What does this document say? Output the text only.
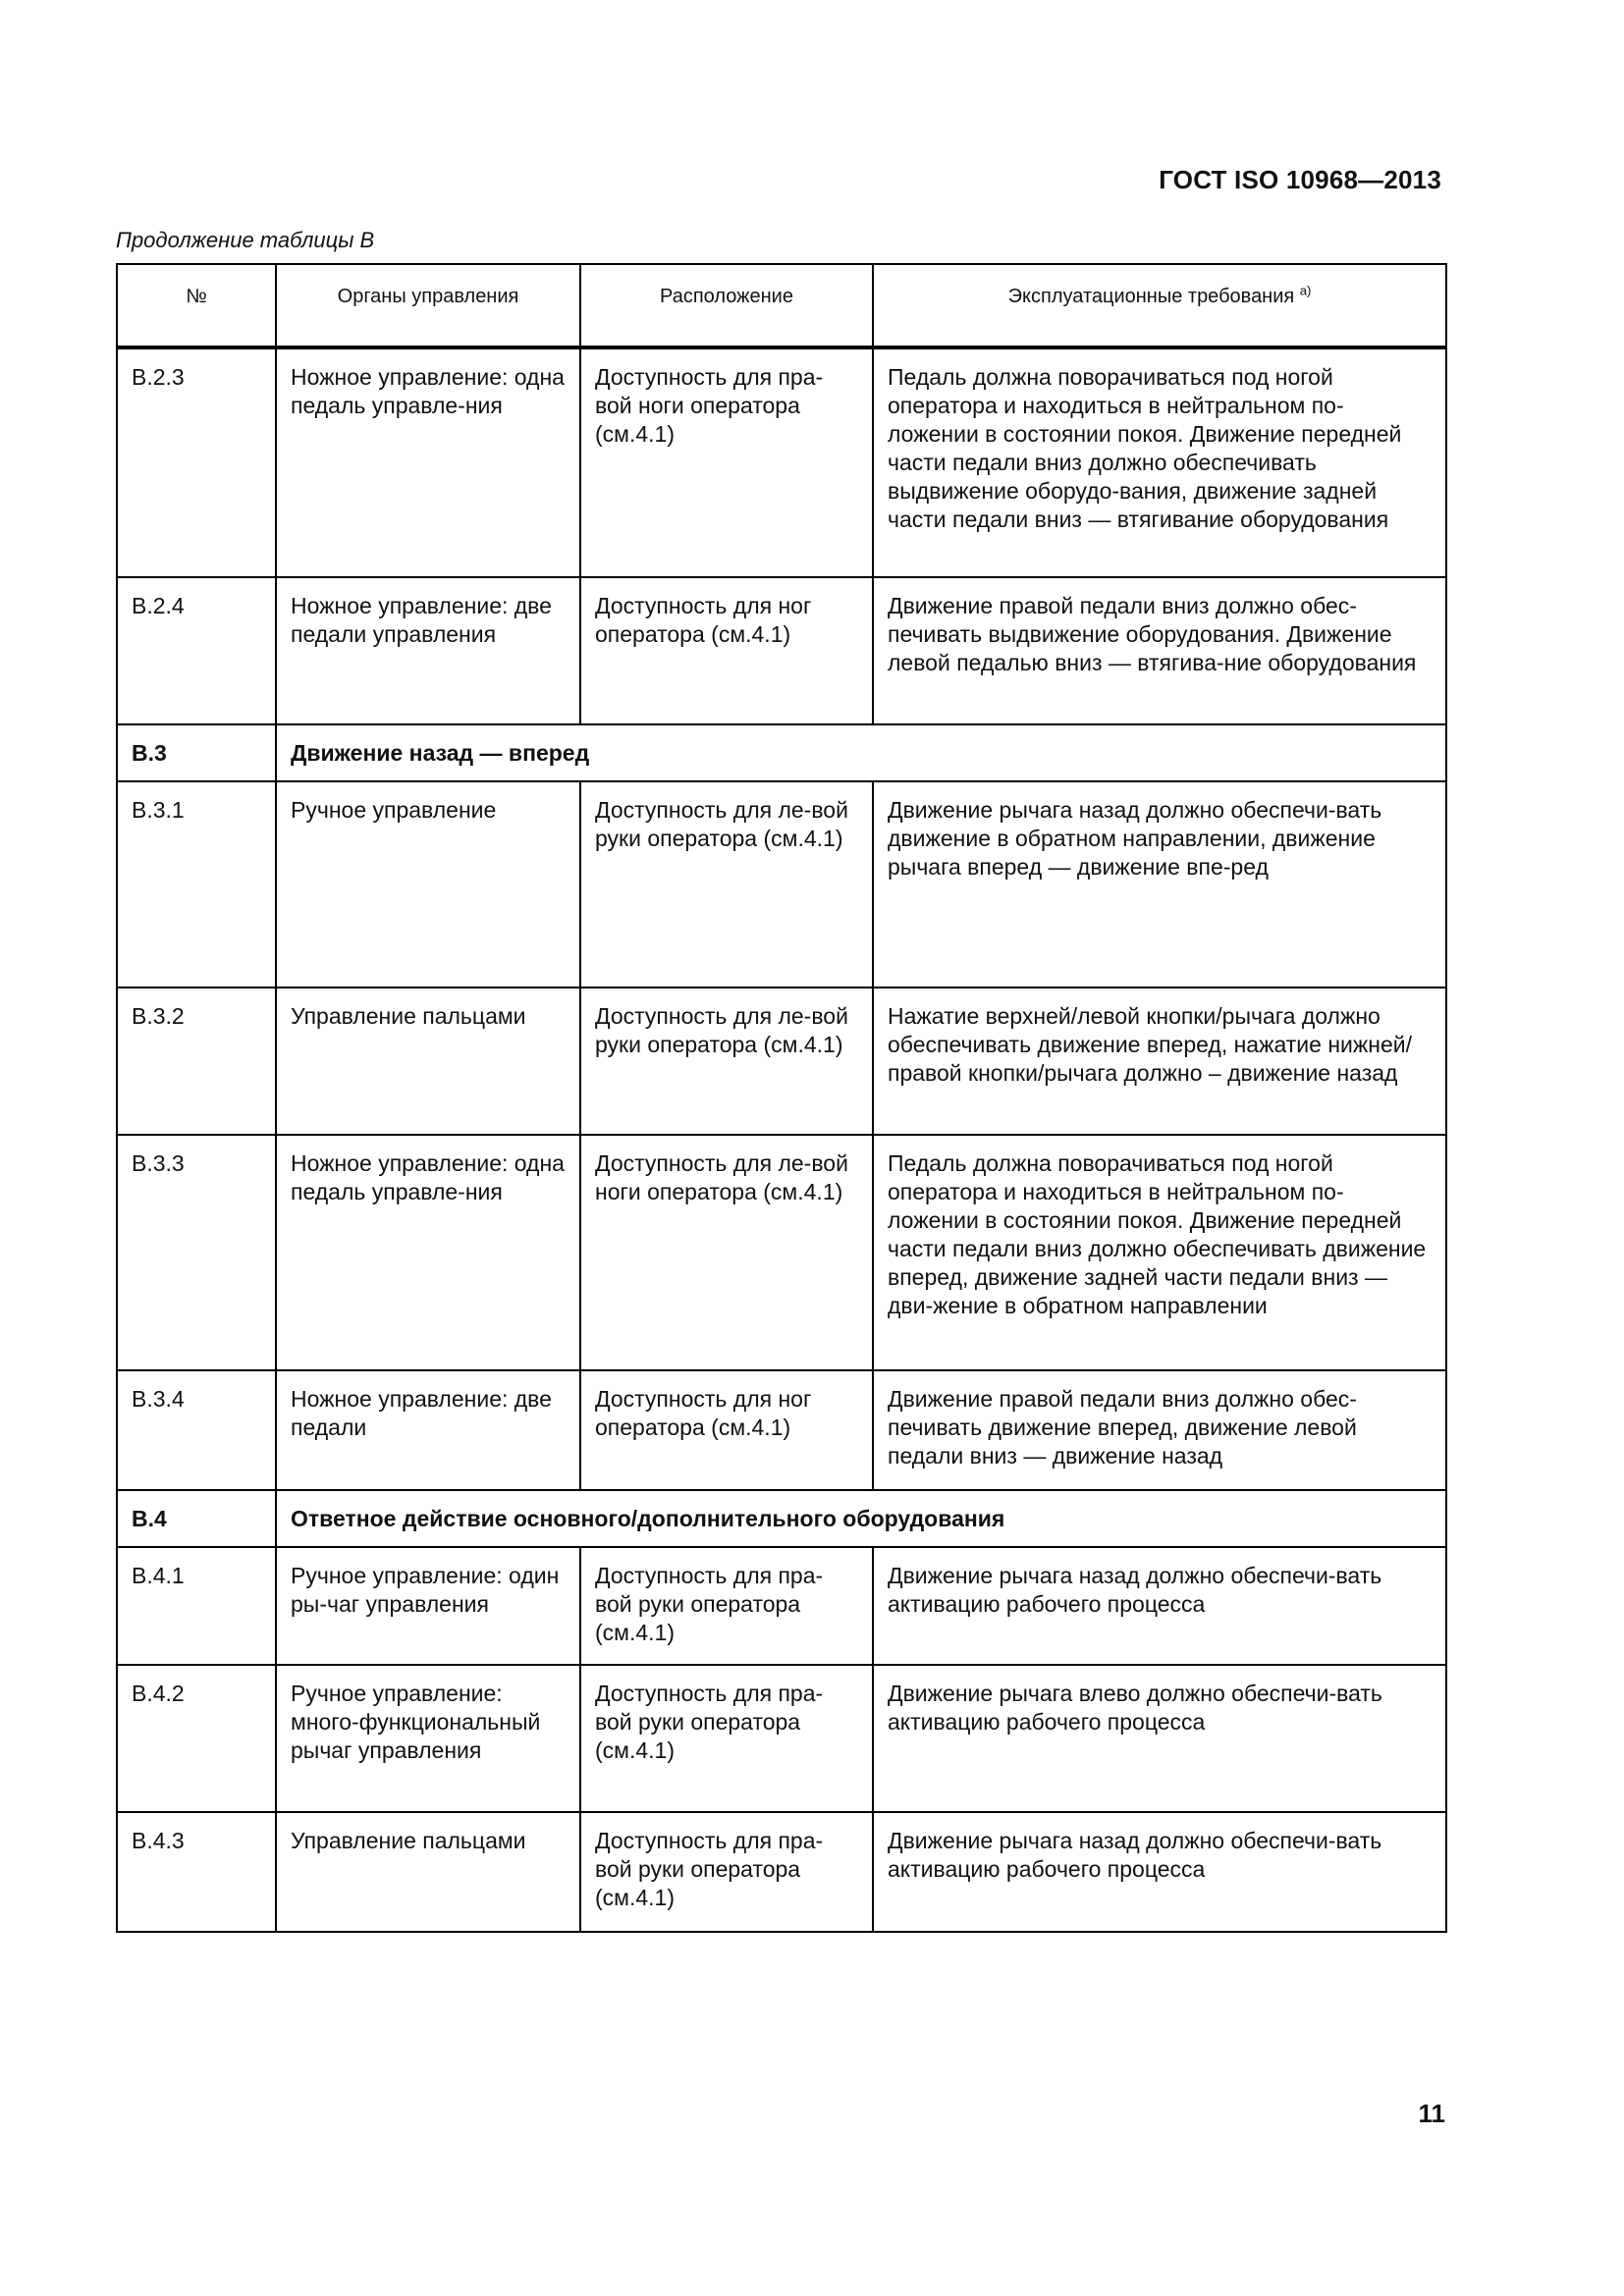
ГОСТ ISO 10968—2013
Продолжение таблицы В
№	Органы управления	Расположение	Эксплуатационные требования $^{а)}$
В.2.3	Ножное управление: одна педаль управле-ния	Доступность для пра-вой ноги оператора (см.4.1)	Педаль должна поворачиваться под ногой оператора и находиться в нейтральном по-ложении в состоянии покоя. Движение передней части педали вниз должно обеспечивать выдвижение оборудо-вания, движение задней части педали вниз — втягивание оборудования
В.2.4	Ножное управление: две педали управления	Доступность для ног оператора (см.4.1)	Движение правой педали вниз должно обес-печивать выдвижение оборудования. Движение левой педалью вниз — втягива-ние оборудования
В.3	Движение назад — вперед		
В.3.1	Ручное управление	Доступность для ле-вой руки оператора (см.4.1)	Движение рычага назад должно обеспечи-вать движение в обратном направлении, движение рычага вперед — движение впе-ред
В.3.2	Управление пальцами	Доступность для ле-вой руки оператора (см.4.1)	Нажатие верхней/левой кнопки/рычага должно обеспечивать движение вперед, нажатие нижней/ правой кнопки/рычага должно – движение назад
В.3.3	Ножное управление: одна педаль управле-ния	Доступность для ле-вой ноги оператора (см.4.1)	Педаль должна поворачиваться под ногой оператора и находиться в нейтральном по-ложении в состоянии покоя. Движение передней части педали вниз должно обеспечивать движение вперед, движение задней части педали вниз — дви-жение в обратном направлении
В.3.4	Ножное управление: две педали	Доступность для ног оператора (см.4.1)	Движение правой педали вниз должно обес-печивать движение вперед, движение левой педали вниз — движение назад
В.4	Ответное действие основного/дополнительного оборудования		
В.4.1	Ручное управление: один ры-чаг управления	Доступность для пра-вой руки оператора (см.4.1)	Движение рычага назад должно обеспечи-вать активацию рабочего процесса
В.4.2	Ручное управление: много-функциональный рычаг управления	Доступность для пра-вой руки оператора (см.4.1)	Движение рычага влево должно обеспечи-вать активацию рабочего процесса
В.4.3	Управление пальцами	Доступность для пра-вой руки оператора (см.4.1)	Движение рычага назад должно обеспечи-вать активацию рабочего процесса
11
